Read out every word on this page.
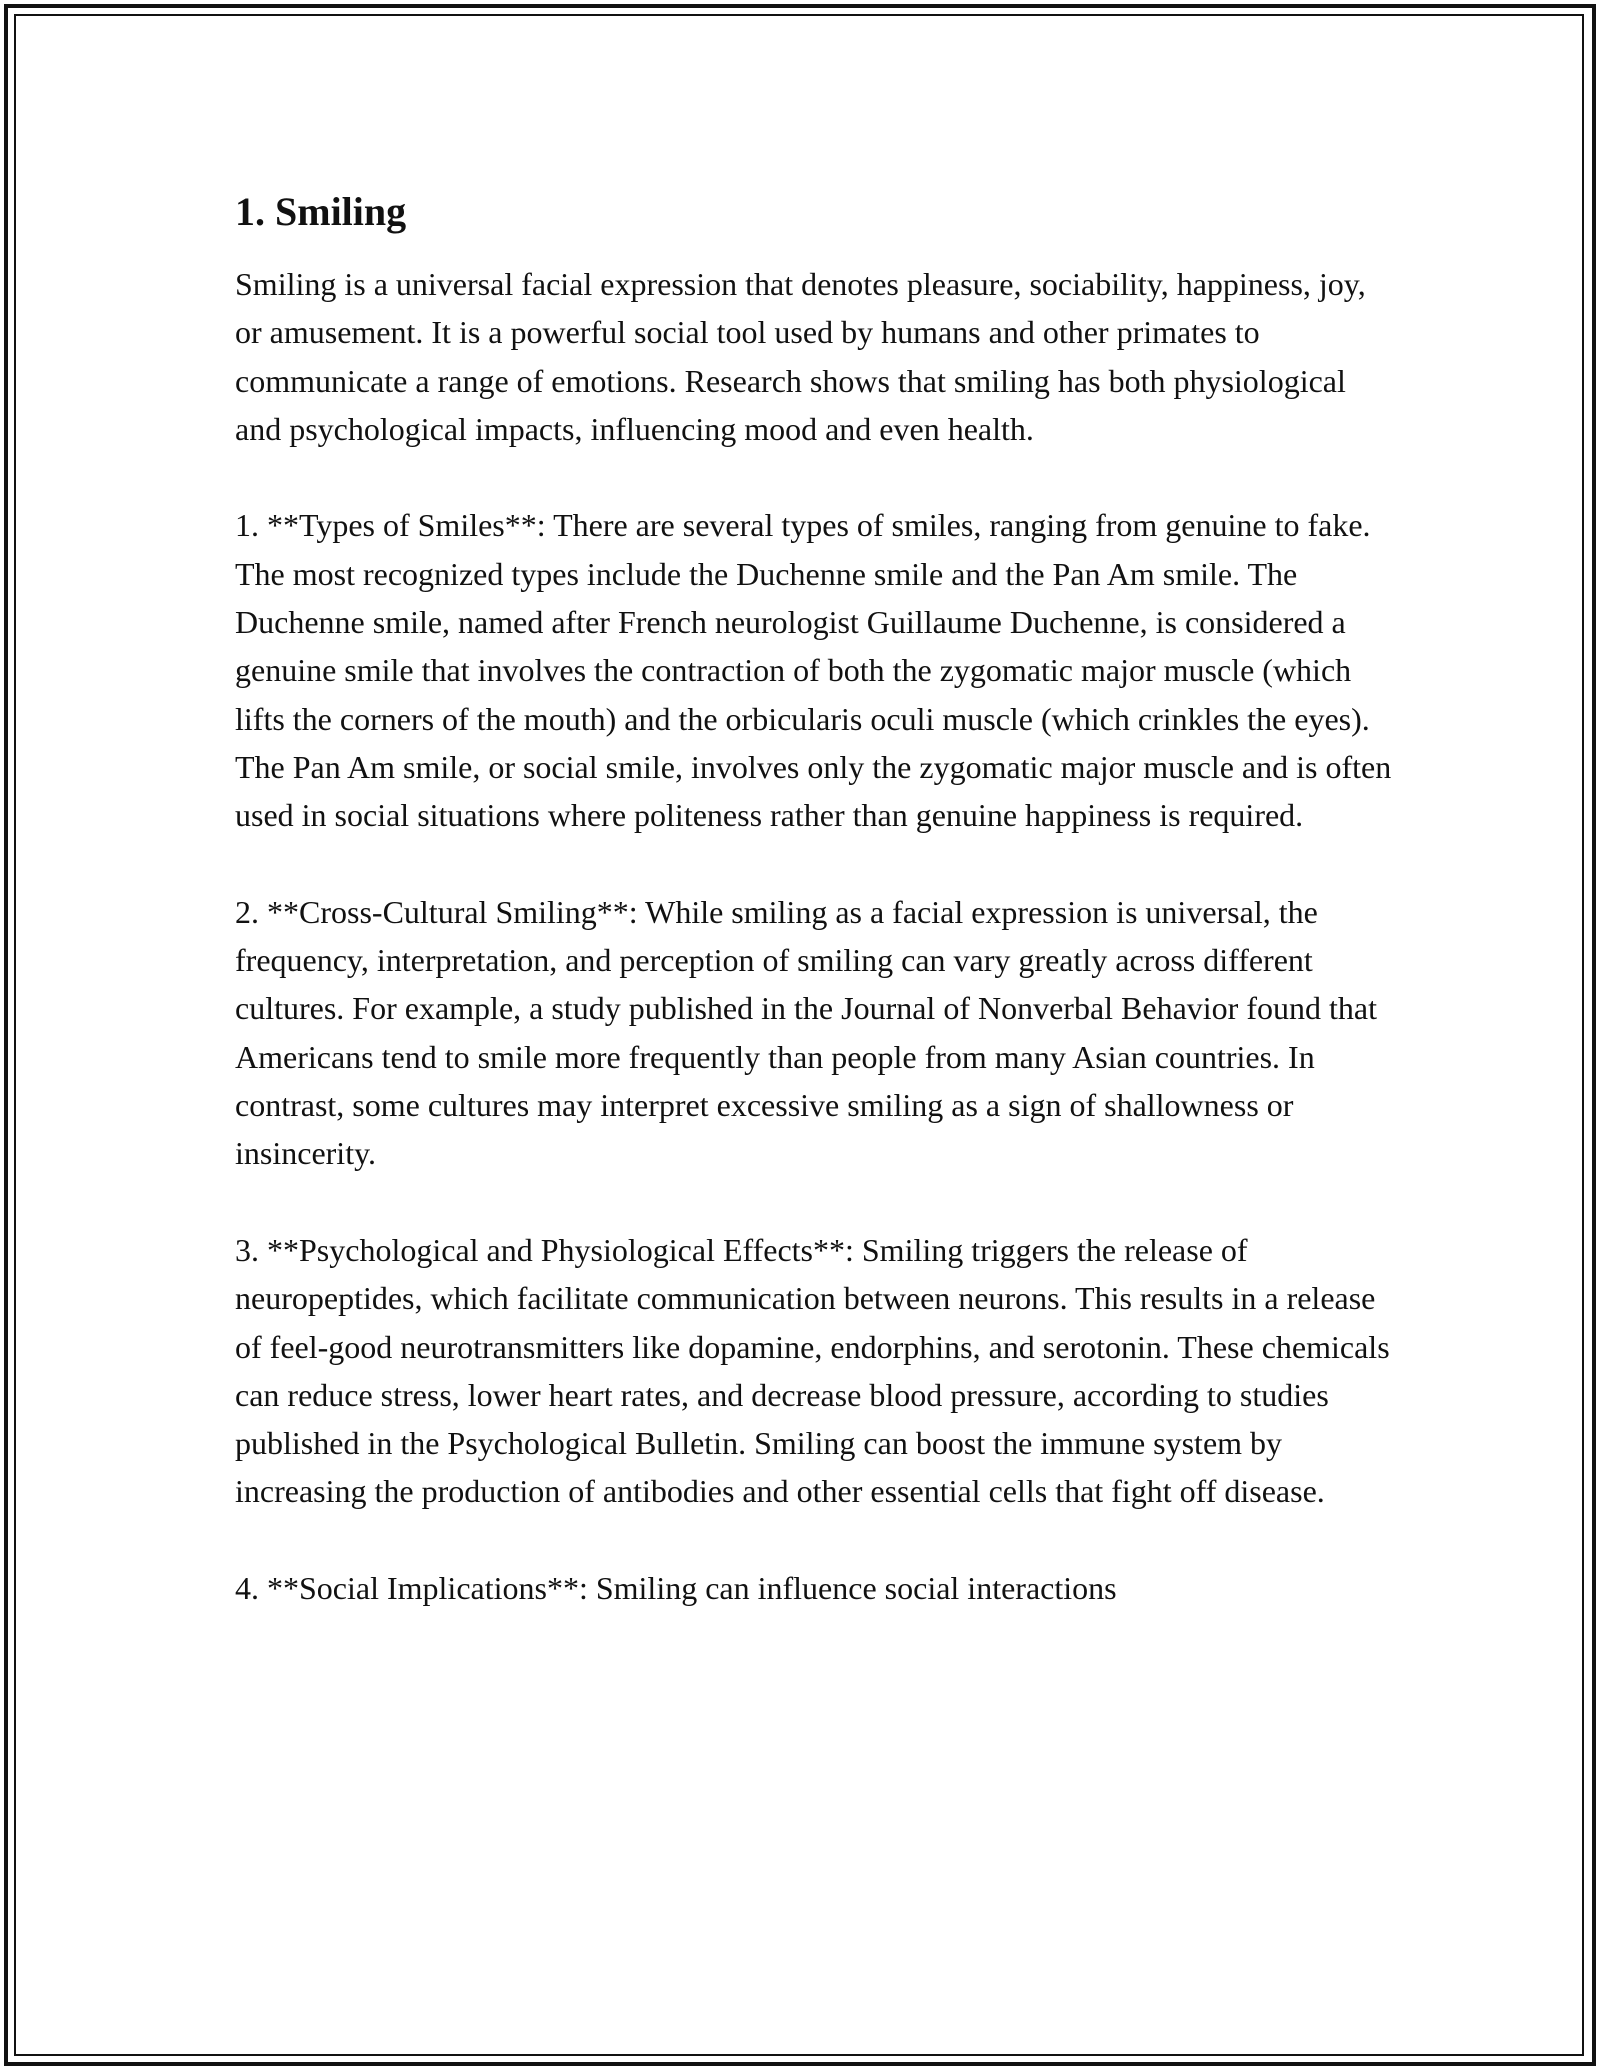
1. Smiling

Smiling is a universal facial expression that denotes pleasure, sociability, happiness, joy, or amusement. It is a powerful social tool used by humans and other primates to communicate a range of emotions. Research shows that smiling has both physiological and psychological impacts, influencing mood and even health.

1. **Types of Smiles**: There are several types of smiles, ranging from genuine to fake. The most recognized types include the Duchenne smile and the Pan Am smile. The Duchenne smile, named after French neurologist Guillaume Duchenne, is considered a genuine smile that involves the contraction of both the zygomatic major muscle (which lifts the corners of the mouth) and the orbicularis oculi muscle (which crinkles the eyes). The Pan Am smile, or social smile, involves only the zygomatic major muscle and is often used in social situations where politeness rather than genuine happiness is required.

2. **Cross-Cultural Smiling**: While smiling as a facial expression is universal, the frequency, interpretation, and perception of smiling can vary greatly across different cultures. For example, a study published in the Journal of Nonverbal Behavior found that Americans tend to smile more frequently than people from many Asian countries. In contrast, some cultures may interpret excessive smiling as a sign of shallowness or insincerity.

3. **Psychological and Physiological Effects**: Smiling triggers the release of neuropeptides, which facilitate communication between neurons. This results in a release of feel-good neurotransmitters like dopamine, endorphins, and serotonin. These chemicals can reduce stress, lower heart rates, and decrease blood pressure, according to studies published in the Psychological Bulletin. Smiling can boost the immune system by increasing the production of antibodies and other essential cells that fight off disease.

4. **Social Implications**: Smiling can influence social interactions
